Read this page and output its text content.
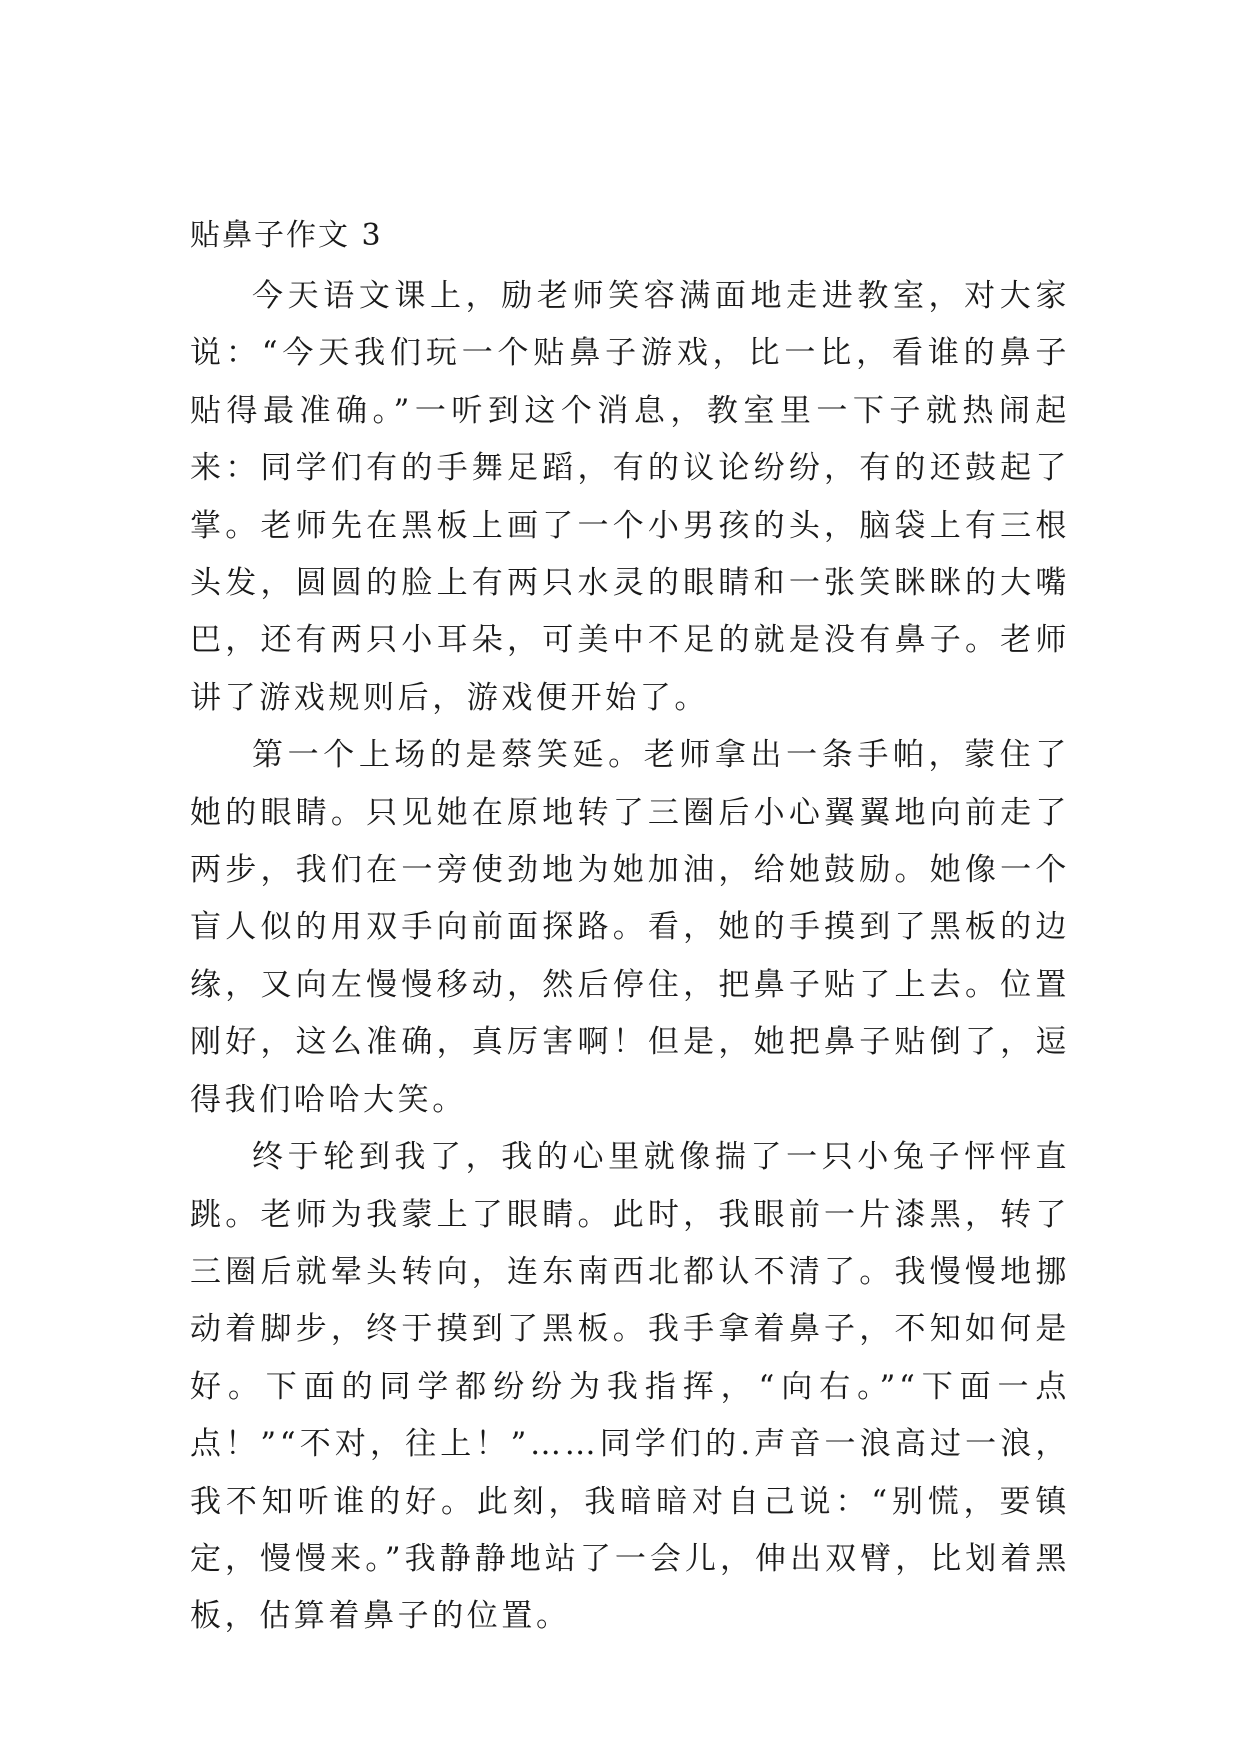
贴鼻子作文 3

今天语文课上，励老师笑容满面地走进教室，对大家说：“今天我们玩一个贴鼻子游戏，比一比，看谁的鼻子贴得最准确。”一听到这个消息，教室里一下子就热闹起来：同学们有的手舞足蹈，有的议论纷纷，有的还鼓起了掌。老师先在黑板上画了一个小男孩的头，脑袋上有三根头发，圆圆的脸上有两只水灵的眼睛和一张笑眯眯的大嘴巴，还有两只小耳朵，可美中不足的就是没有鼻子。老师讲了游戏规则后，游戏便开始了。

第一个上场的是蔡笑延。老师拿出一条手帕，蒙住了她的眼睛。只见她在原地转了三圈后小心翼翼地向前走了两步，我们在一旁使劲地为她加油，给她鼓励。她像一个盲人似的用双手向前面探路。看，她的手摸到了黑板的边缘，又向左慢慢移动，然后停住，把鼻子贴了上去。位置刚好，这么准确，真厉害啊！但是，她把鼻子贴倒了，逗得我们哈哈大笑。

终于轮到我了，我的心里就像揣了一只小兔子怦怦直跳。老师为我蒙上了眼睛。此时，我眼前一片漆黑，转了三圈后就晕头转向，连东南西北都认不清了。我慢慢地挪动着脚步，终于摸到了黑板。我手拿着鼻子，不知如何是好。下面的同学都纷纷为我指挥，“向右。”“下面一点点！”“不对，往上！”……同学们的.声音一浪高过一浪，我不知听谁的好。此刻，我暗暗对自己说：“别慌，要镇定，慢慢来。”我静静地站了一会儿，伸出双臂，比划着黑板，估算着鼻子的位置。
